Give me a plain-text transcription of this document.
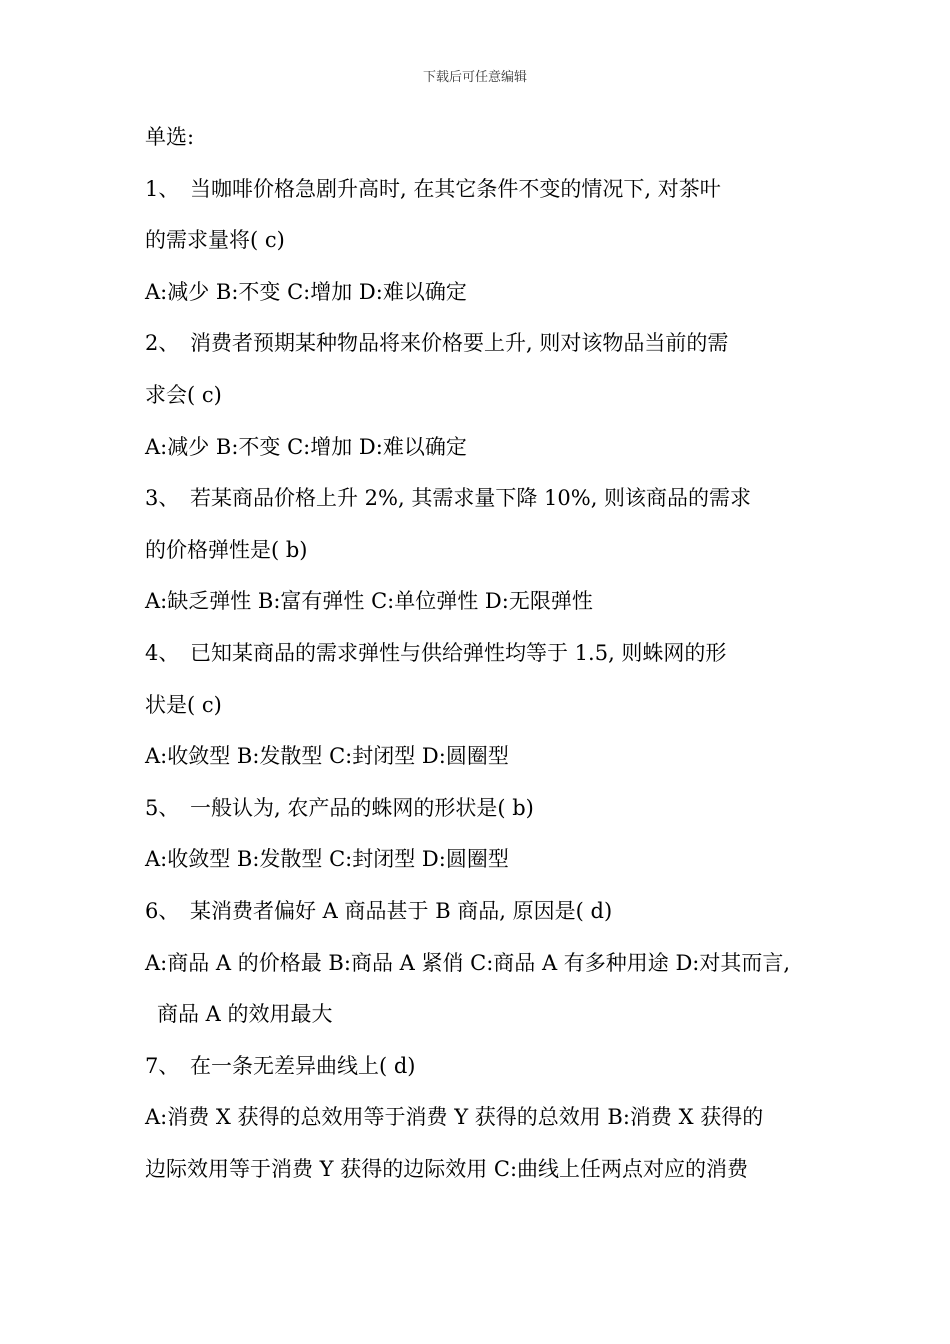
下载后可任意编辑
单选:
1、 当咖啡价格急剧升高时, 在其它条件不变的情况下, 对茶叶
的需求量将( c)
A:减少 B:不变 C:增加 D:难以确定
2、 消费者预期某种物品将来价格要上升, 则对该物品当前的需
求会( c)
A:减少 B:不变 C:增加 D:难以确定
3、 若某商品价格上升 2%, 其需求量下降 10%, 则该商品的需求
的价格弹性是( b)
A:缺乏弹性 B:富有弹性 C:单位弹性 D:无限弹性
4、 已知某商品的需求弹性与供给弹性均等于 1.5, 则蛛网的形
状是( c)
A:收敛型 B:发散型 C:封闭型 D:圆圈型
5、 一般认为, 农产品的蛛网的形状是( b)
A:收敛型 B:发散型 C:封闭型 D:圆圈型
6、 某消费者偏好 A 商品甚于 B 商品, 原因是( d)
A:商品 A 的价格最 B:商品 A 紧俏 C:商品 A 有多种用途 D:对其而言,
商品 A 的效用最大
7、 在一条无差异曲线上( d)
A:消费 X 获得的总效用等于消费 Y 获得的总效用 B:消费 X 获得的
边际效用等于消费 Y 获得的边际效用 C:曲线上任两点对应的消费
